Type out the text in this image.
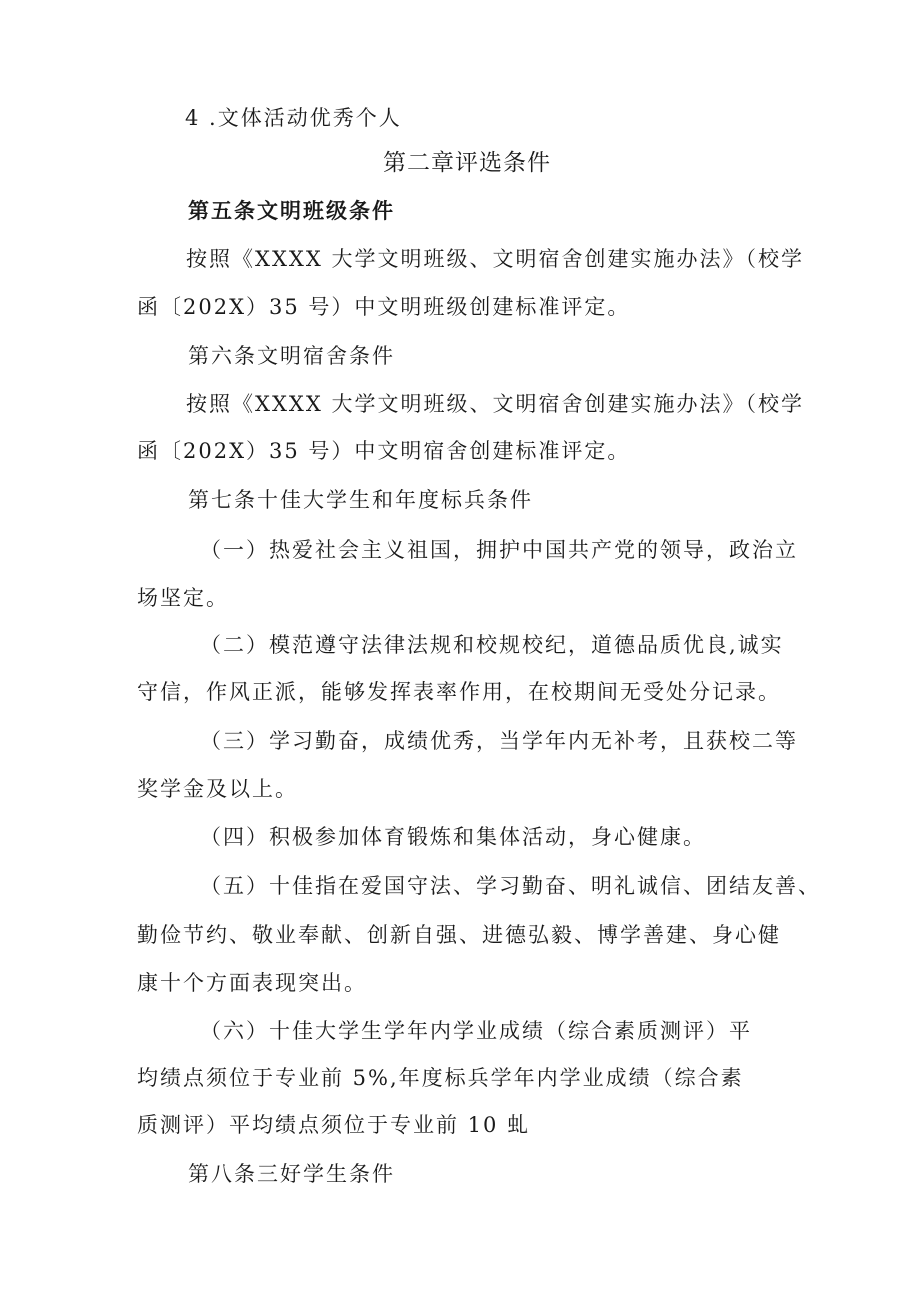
4 .文体活动优秀个人
第二章评选条件
第五条文明班级条件
按照《XXXX 大学文明班级、文明宿舍创建实施办法》（校学
函〔202X）35 号）中文明班级创建标准评定。
第六条文明宿舍条件
按照《XXXX 大学文明班级、文明宿舍创建实施办法》（校学
函〔202X）35 号）中文明宿舍创建标准评定。
第七条十佳大学生和年度标兵条件
（一）热爱社会主义祖国，拥护中国共产党的领导，政治立
场坚定。
（二）模范遵守法律法规和校规校纪，道德品质优良,诚实
守信，作风正派，能够发挥表率作用，在校期间无受处分记录。
（三）学习勤奋，成绩优秀，当学年内无补考，且获校二等
奖学金及以上。
（四）积极参加体育锻炼和集体活动，身心健康。
（五）十佳指在爱国守法、学习勤奋、明礼诚信、团结友善、
勤俭节约、敬业奉献、创新自强、进德弘毅、博学善建、身心健
康十个方面表现突出。
（六）十佳大学生学年内学业成绩（综合素质测评）平
均绩点须位于专业前 5%,年度标兵学年内学业成绩（综合素
质测评）平均绩点须位于专业前 10 虬
第八条三好学生条件
